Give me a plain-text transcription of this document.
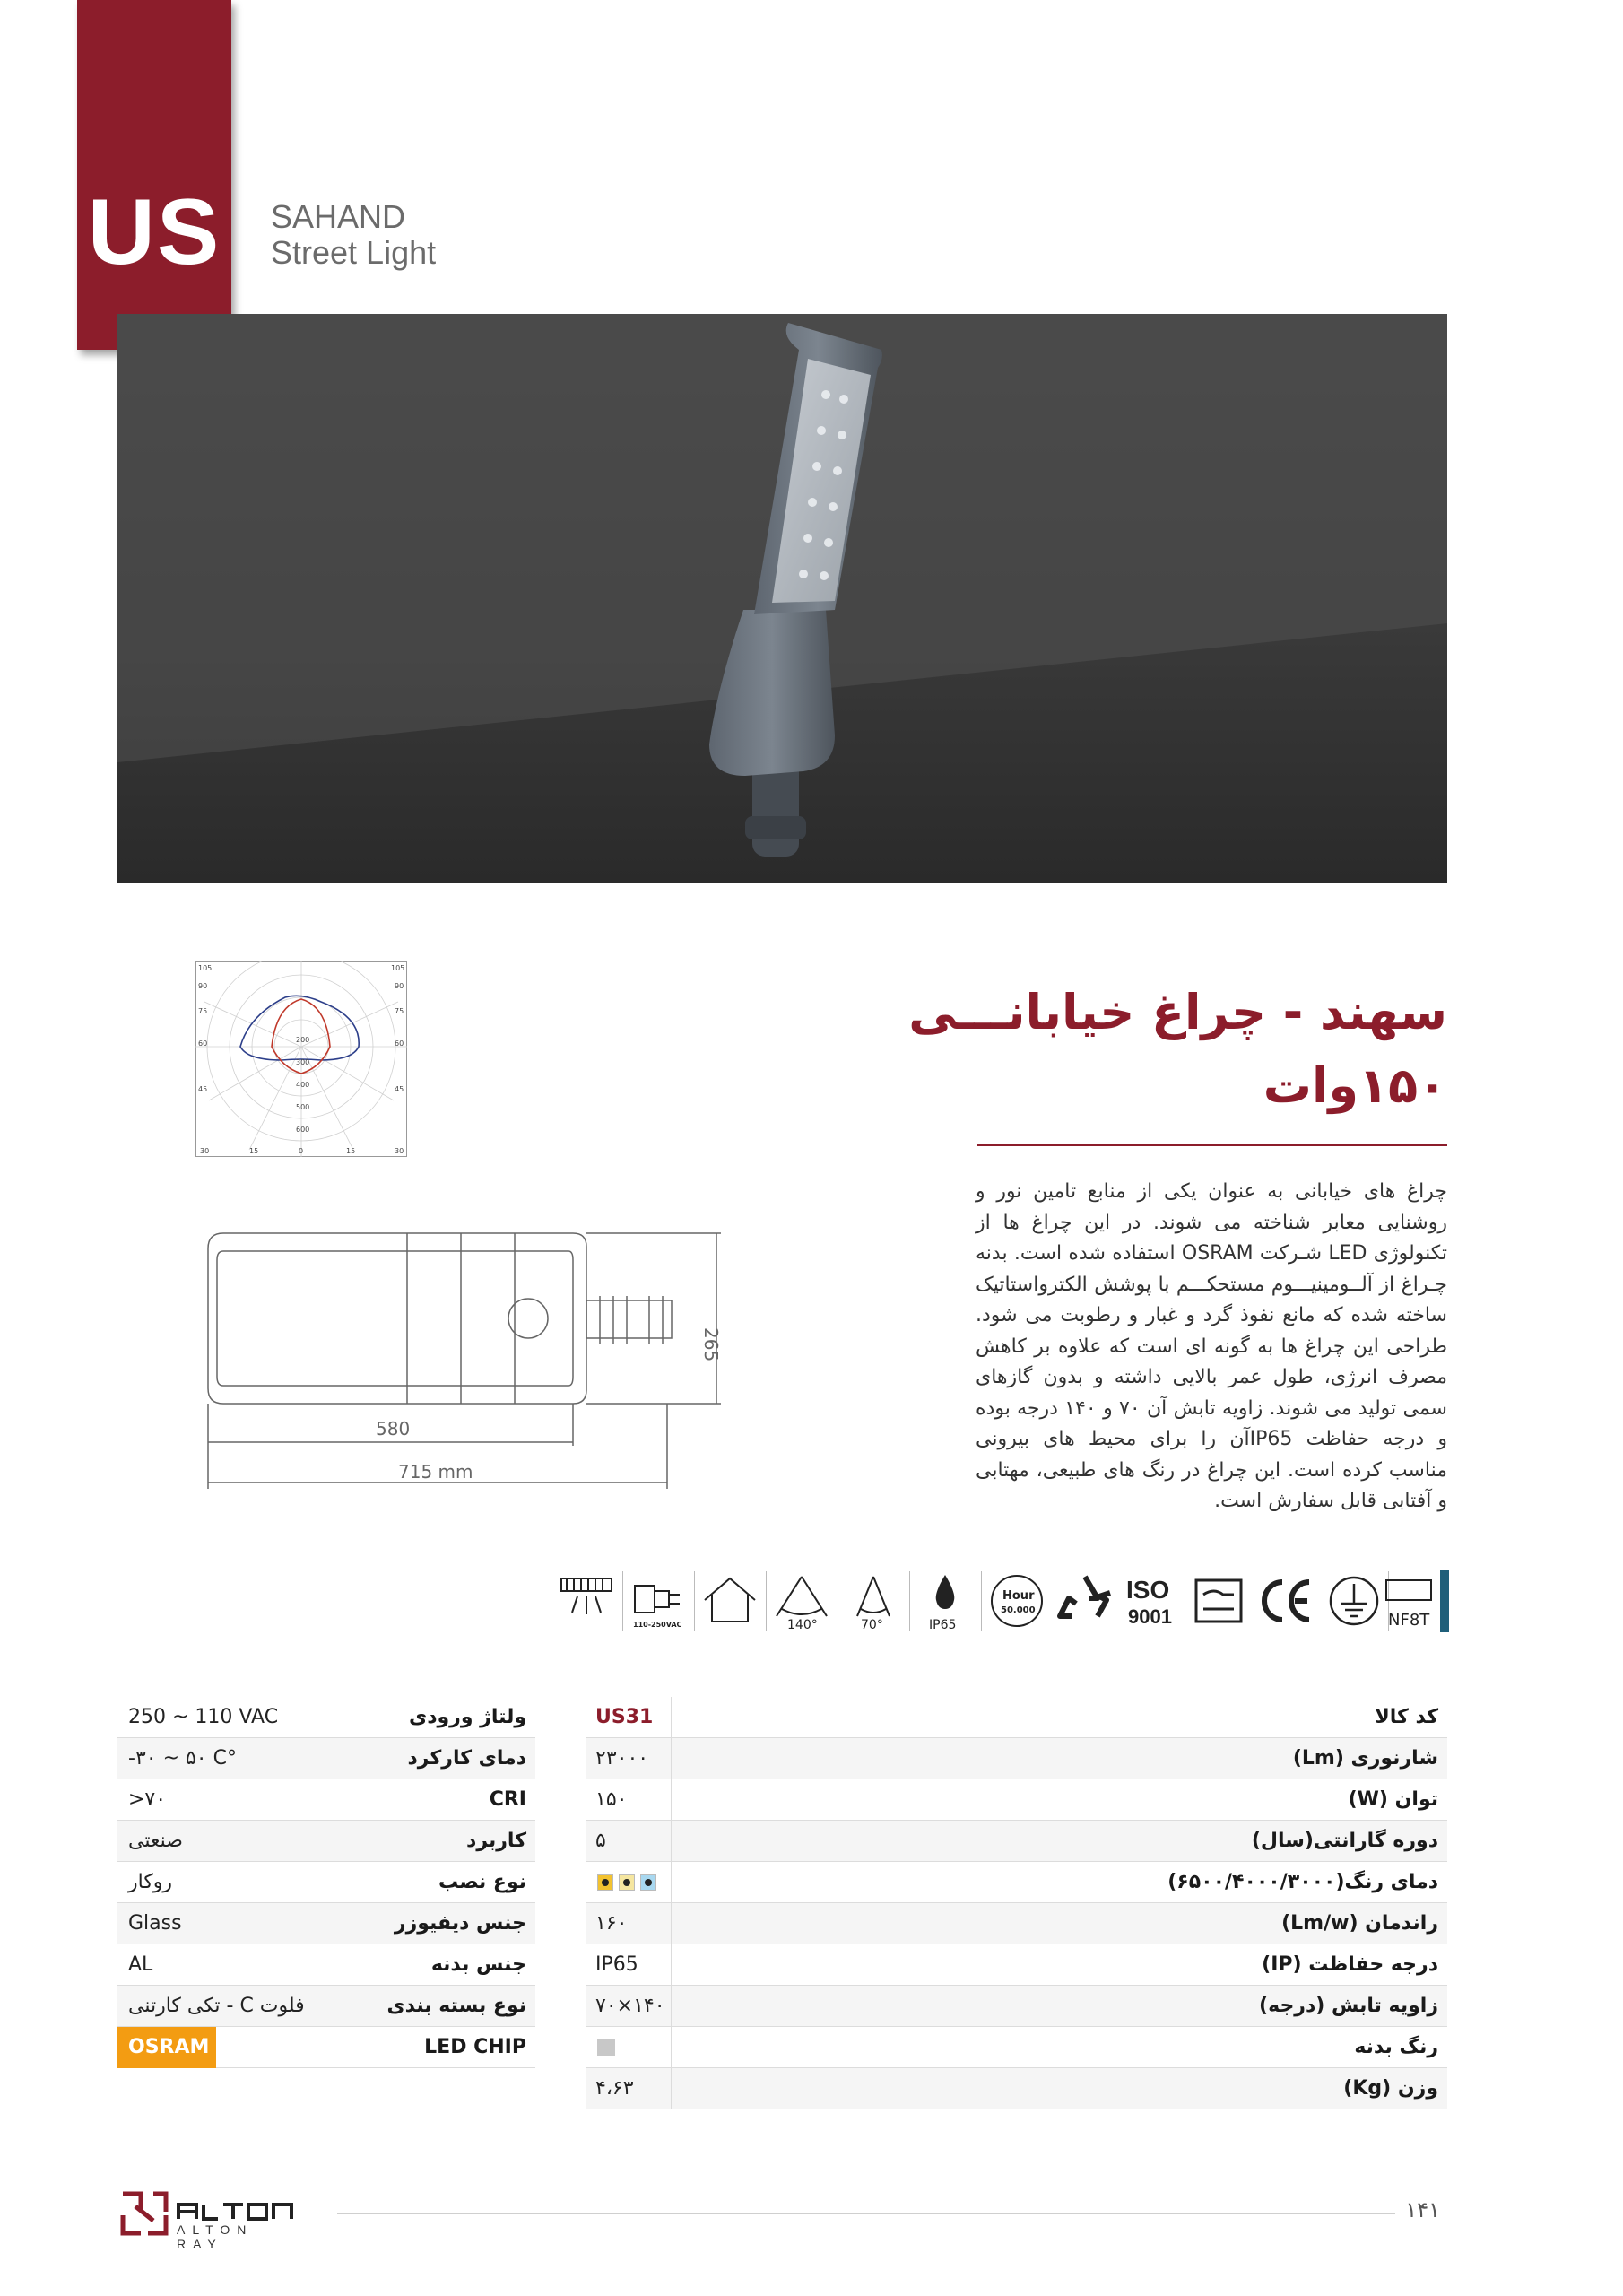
US	SAHAND
Street Light
سهند - چراغ خیابانـــی
۱۵۰وات
چراغ های خیابانی به عنوان یکی از منابع تامین نور و روشنایی معابر شناخته می شوند. در این چراغ ها از تکنولوژی LED شـرکت OSRAM استفاده شده است. بدنه چـراغ از آلــومینیـــوم مستحکـــم با پوشش الکترواستاتیک ساخته شده که مانع نفوذ گرد و غبار و رطوبت می شود. طراحی این چراغ ها به گونه ای است که علاوه بر کاهش مصرف انرژی، طول عمر بالایی داشته و بدون گازهای سمی تولید می شوند. زاویه تابش آن ۷۰ و ۱۴۰ درجه بوده و درجه حفاظت IP65آن را برای محیط های بیرونی مناسب کرده است. این چراغ در رنگ های طبیعی، مهتابی و آفتابی قابل سفارش است.
105	105
90	90
75	75
60	60
45	45
200
300
400
500
600
30	15	0	15	30
265
580
715 mm
110-250VAC	140°	70°	IP65
Hour
50.000
ISO
9001	NF8T
US31	کد کالا
۲۳۰۰۰	شارنوری (Lm)
۱۵۰	توان (W)
۵	دوره گارانتی(سال)
دمای رنگ(۶۵۰۰/۴۰۰۰/۳۰۰۰)
۱۶۰	راندمان (Lm/w)
IP65	درجه حفاظت (IP)
۷۰×۱۴۰	زاویه تابش (درجه)
رنگ بدنه
۴،۶۳	وزن (Kg)
250 ~ 110 VAC	ولتاژ ورودی
-۳۰ ~ ۵۰ C°	دمای کارکرد
>۷۰	CRI
صنعتی	کاربرد
روکار	نوع نصب
Glass	جنس دیفیوزر
AL	جنس بدنه
تکی کارتنی - C فلوت	نوع بسته بندی
OSRAM	LED CHIP
ALTON RAY
۱۴۱
